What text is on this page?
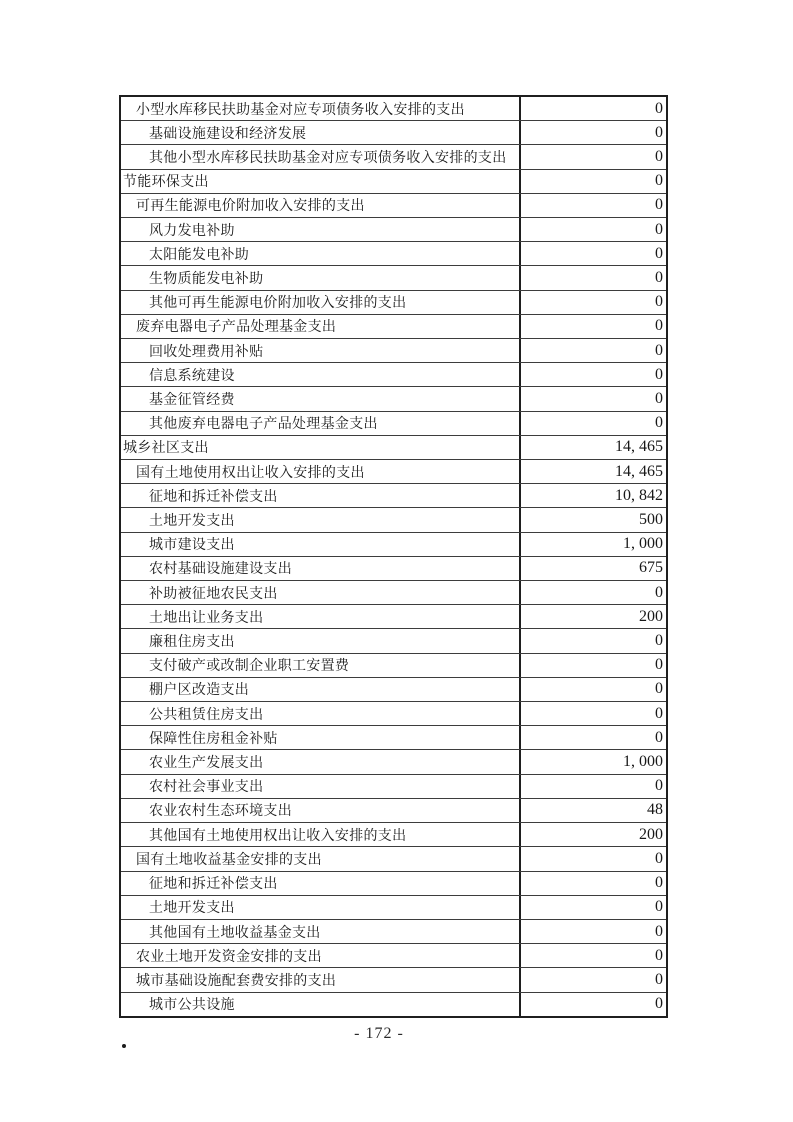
小型水库移民扶助基金对应专项债务收入安排的支出	0
基础设施建设和经济发展	0
其他小型水库移民扶助基金对应专项债务收入安排的支出	0
节能环保支出	0
可再生能源电价附加收入安排的支出	0
风力发电补助	0
太阳能发电补助	0
生物质能发电补助	0
其他可再生能源电价附加收入安排的支出	0
废弃电器电子产品处理基金支出	0
回收处理费用补贴	0
信息系统建设	0
基金征管经费	0
其他废弃电器电子产品处理基金支出	0
城乡社区支出	14, 465
国有土地使用权出让收入安排的支出	14, 465
征地和拆迁补偿支出	10, 842
土地开发支出	500
城市建设支出	1, 000
农村基础设施建设支出	675
补助被征地农民支出	0
土地出让业务支出	200
廉租住房支出	0
支付破产或改制企业职工安置费	0
棚户区改造支出	0
公共租赁住房支出	0
保障性住房租金补贴	0
农业生产发展支出	1, 000
农村社会事业支出	0
农业农村生态环境支出	48
其他国有土地使用权出让收入安排的支出	200
国有土地收益基金安排的支出	0
征地和拆迁补偿支出	0
土地开发支出	0
其他国有土地收益基金支出	0
农业土地开发资金安排的支出	0
城市基础设施配套费安排的支出	0
城市公共设施	0
- 172 -
